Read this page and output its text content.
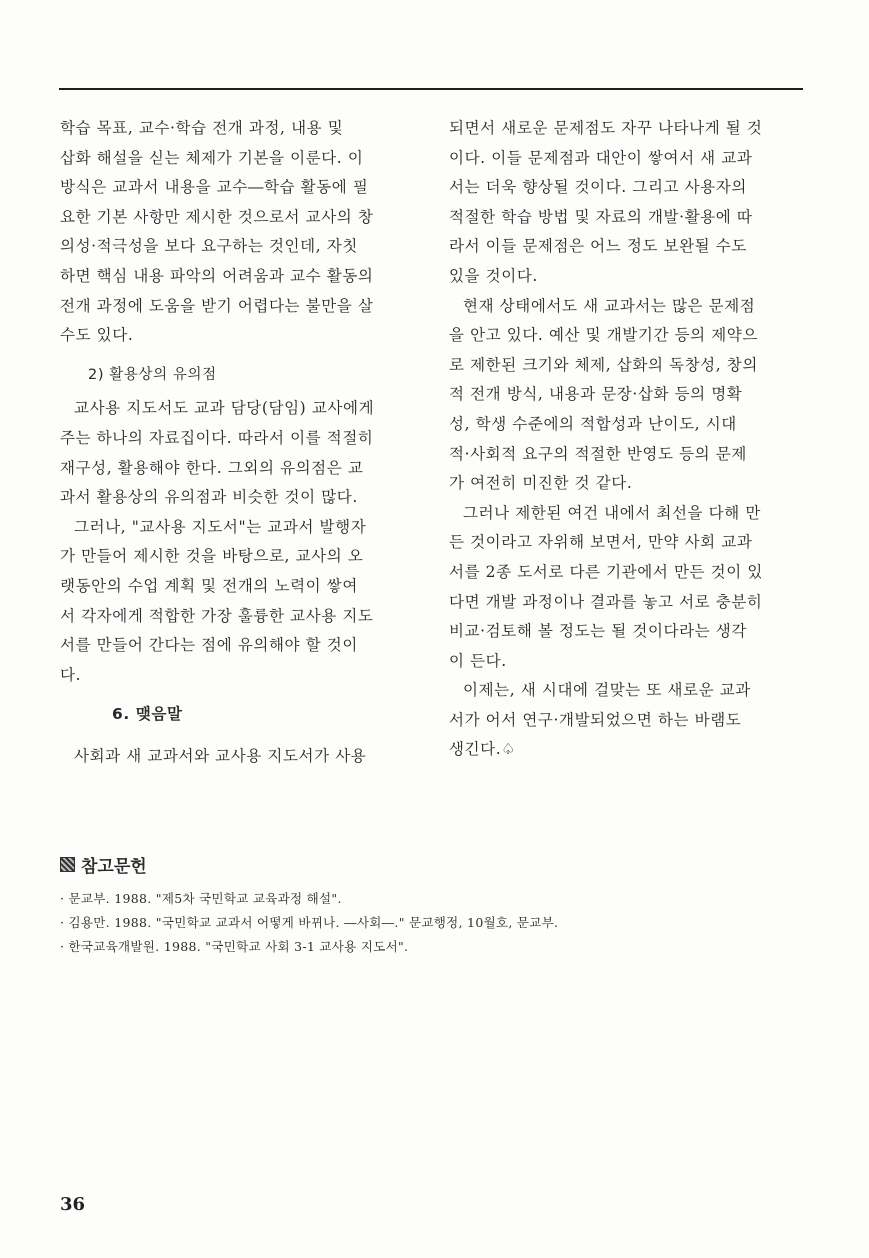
학습 목표, 교수·학습 전개 과정, 내용 및
삽화 해설을 싣는 체제가 기본을 이룬다. 이
방식은 교과서 내용을 교수―학습 활동에 필
요한 기본 사항만 제시한 것으로서 교사의 창
의성·적극성을 보다 요구하는 것인데, 자칫
하면 핵심 내용 파악의 어려움과 교수 활동의
전개 과정에 도움을 받기 어렵다는 불만을 살
수도 있다.
2) 활용상의 유의점
교사용 지도서도 교과 담당(담임) 교사에게
주는 하나의 자료집이다. 따라서 이를 적절히
재구성, 활용해야 한다. 그외의 유의점은 교
과서 활용상의 유의점과 비슷한 것이 많다.
그러나, "교사용 지도서"는 교과서 발행자
가 만들어 제시한 것을 바탕으로, 교사의 오
랫동안의 수업 계획 및 전개의 노력이 쌓여
서 각자에게 적합한 가장 훌륭한 교사용 지도
서를 만들어 간다는 점에 유의해야 할 것이
다.
6. 맺음말
사회과 새 교과서와 교사용 지도서가 사용
되면서 새로운 문제점도 자꾸 나타나게 될 것
이다. 이들 문제점과 대안이 쌓여서 새 교과
서는 더욱 향상될 것이다. 그리고 사용자의
적절한 학습 방법 및 자료의 개발·활용에 따
라서 이들 문제점은 어느 정도 보완될 수도
있을 것이다.
현재 상태에서도 새 교과서는 많은 문제점
을 안고 있다. 예산 및 개발기간 등의 제약으
로 제한된 크기와 체제, 삽화의 독창성, 창의
적 전개 방식, 내용과 문장·삽화 등의 명확
성, 학생 수준에의 적합성과 난이도, 시대
적·사회적 요구의 적절한 반영도 등의 문제
가 여전히 미진한 것 같다.
그러나 제한된 여건 내에서 최선을 다해 만
든 것이라고 자위해 보면서, 만약 사회 교과
서를 2종 도서로 다른 기관에서 만든 것이 있
다면 개발 과정이나 결과를 놓고 서로 충분히
비교·검토해 볼 정도는 될 것이다라는 생각
이 든다.
이제는, 새 시대에 걸맞는 또 새로운 교과
서가 어서 연구·개발되었으면 하는 바램도
생긴다.♤
참고문헌
· 문교부. 1988. "제5차 국민학교 교육과정 해설".
· 김용만. 1988. "국민학교 교과서 어떻게 바뀌나. ―사회―." 문교행정, 10월호, 문교부.
· 한국교육개발원. 1988. "국민학교 사회 3-1 교사용 지도서".
36
